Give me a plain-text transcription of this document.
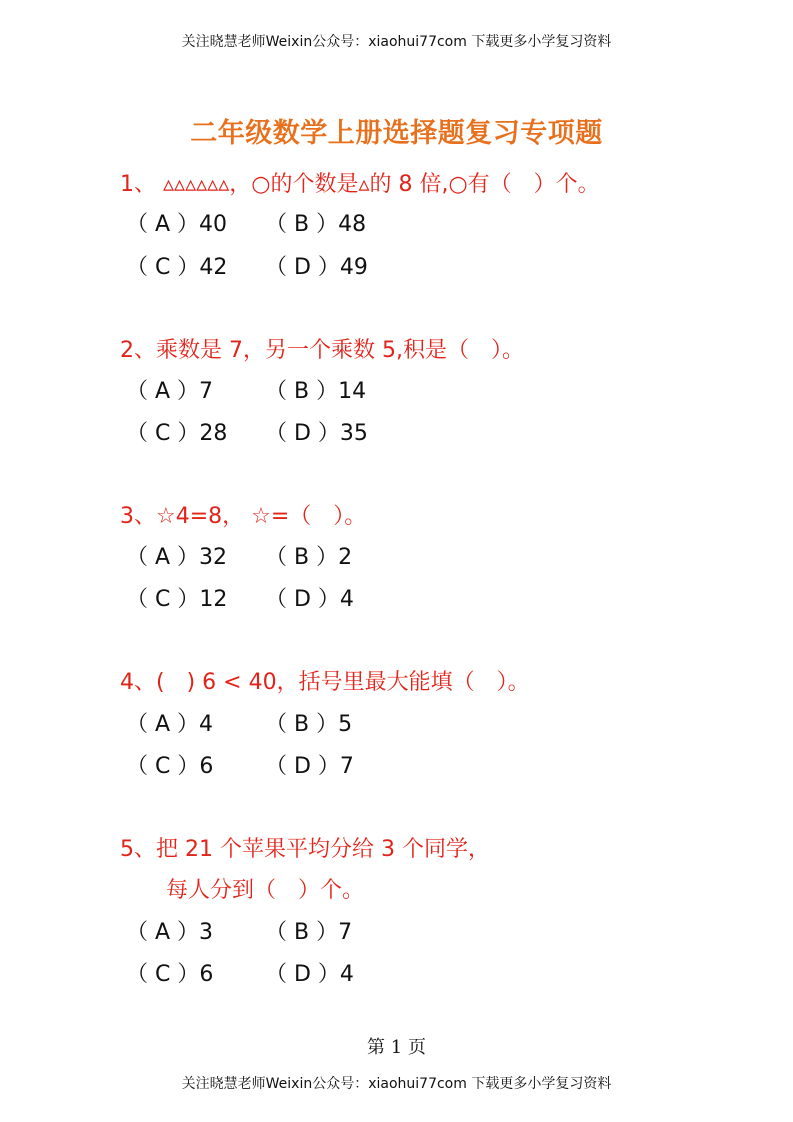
关注晓慧老师Weixin公众号：xiaohui77com 下载更多小学复习资料
二年级数学上册选择题复习专项题
1、 ▵▵▵▵▵▵，○的个数是▵的 8 倍,○有（　）个。
（ A ）40 （ B ）48
（ C ）42 （ D ）49
2、乘数是 7，另一个乘数 5,积是（　）。
（ A ）7 （ B ）14
（ C ）28 （ D ）35
3、☆4=8， ☆=（　）。
（ A ）32 （ B ）2
（ C ）12 （ D ）4
4、(　) 6 < 40，括号里最大能填（　）。
（ A ）4 （ B ）5
（ C ）6 （ D ）7
5、把 21 个苹果平均分给 3 个同学，
每人分到（　）个。
（ A ）3 （ B ）7
（ C ）6 （ D ）4
第 1 页
关注晓慧老师Weixin公众号：xiaohui77com 下载更多小学复习资料
